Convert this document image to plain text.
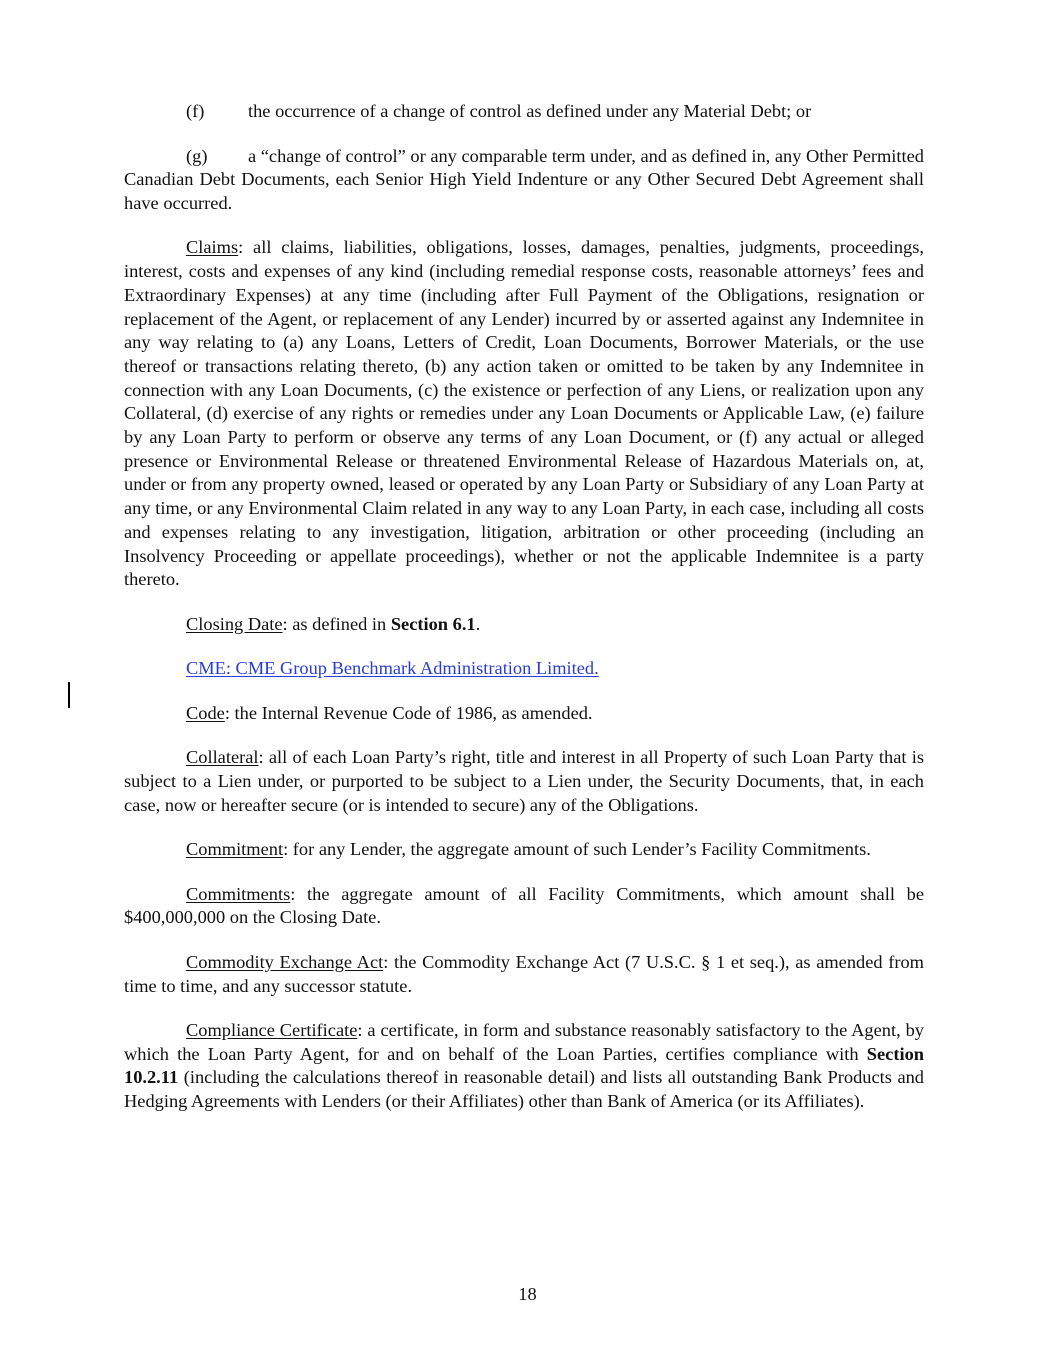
(f)	the occurrence of a change of control as defined under any Material Debt; or

(g) a “change of control” or any comparable term under, and as defined in, any Other Permitted Canadian Debt Documents, each Senior High Yield Indenture or any Other Secured Debt Agreement shall have occurred.

Claims: all claims, liabilities, obligations, losses, damages, penalties, judgments, proceedings, interest, costs and expenses of any kind (including remedial response costs, reasonable attorneys’ fees and Extraordinary Expenses) at any time (including after Full Payment of the Obligations, resignation or replacement of the Agent, or replacement of any Lender) incurred by or asserted against any Indemnitee in any way relating to (a) any Loans, Letters of Credit, Loan Documents, Borrower Materials, or the use thereof or transactions relating thereto, (b) any action taken or omitted to be taken by any Indemnitee in connection with any Loan Documents, (c) the existence or perfection of any Liens, or realization upon any Collateral, (d) exercise of any rights or remedies under any Loan Documents or Applicable Law, (e) failure by any Loan Party to perform or observe any terms of any Loan Document, or (f) any actual or alleged presence or Environmental Release or threatened Environmental Release of Hazardous Materials on, at, under or from any property owned, leased or operated by any Loan Party or Subsidiary of any Loan Party at any time, or any Environmental Claim related in any way to any Loan Party, in each case, including all costs and expenses relating to any investigation, litigation, arbitration or other proceeding (including an Insolvency Proceeding or appellate proceedings), whether or not the applicable Indemnitee is a party thereto.

Closing Date: as defined in Section 6.1.

CME: CME Group Benchmark Administration Limited.

Code: the Internal Revenue Code of 1986, as amended.

Collateral: all of each Loan Party’s right, title and interest in all Property of such Loan Party that is subject to a Lien under, or purported to be subject to a Lien under, the Security Documents, that, in each case, now or hereafter secure (or is intended to secure) any of the Obligations.

Commitment: for any Lender, the aggregate amount of such Lender’s Facility Commitments.

Commitments: the aggregate amount of all Facility Commitments, which amount shall be $400,000,000 on the Closing Date.

Commodity Exchange Act: the Commodity Exchange Act (7 U.S.C. § 1 et seq.), as amended from time to time, and any successor statute.

Compliance Certificate: a certificate, in form and substance reasonably satisfactory to the Agent, by which the Loan Party Agent, for and on behalf of the Loan Parties, certifies compliance with Section 10.2.11 (including the calculations thereof in reasonable detail) and lists all outstanding Bank Products and Hedging Agreements with Lenders (or their Affiliates) other than Bank of America (or its Affiliates).

18
